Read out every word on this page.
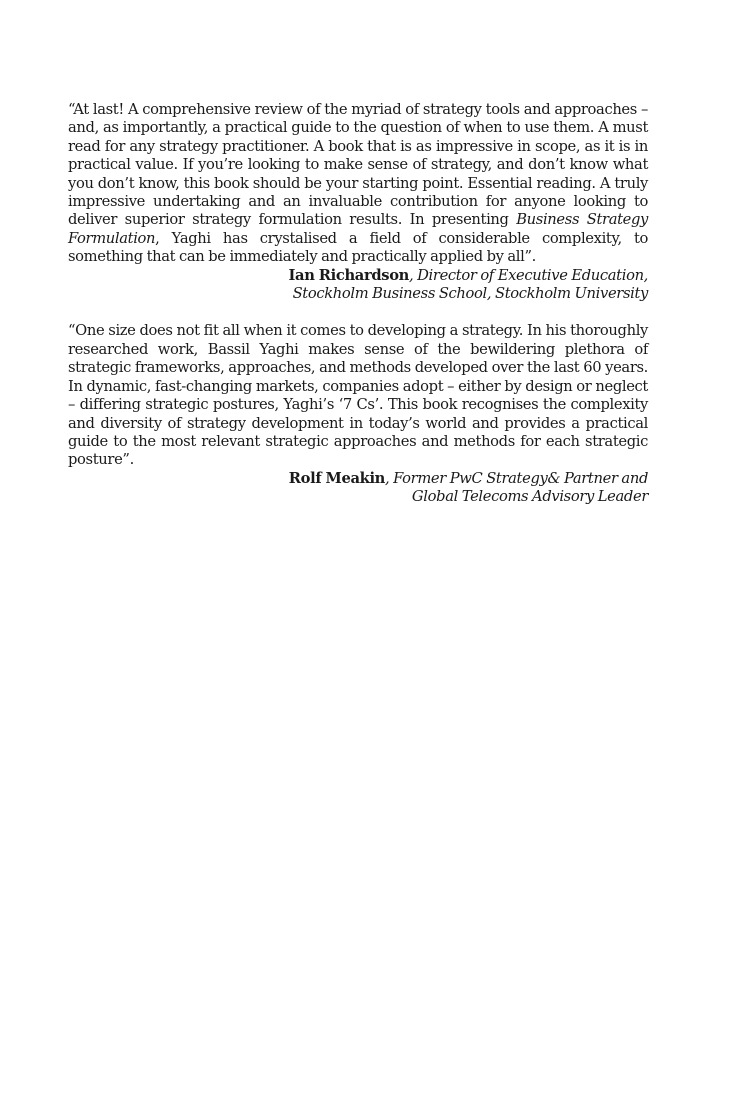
“At last! A comprehensive review of the myriad of strategy tools and approaches – and, as importantly, a practical guide to the question of when to use them. A must read for any strategy practitioner. A book that is as impressive in scope, as it is in practical value. If you’re looking to make sense of strategy, and don’t know what you don’t know, this book should be your starting point. Essential reading. A truly impressive undertaking and an invaluable contribution for anyone looking to deliver superior strategy formulation results. In presenting Business Strategy Formulation, Yaghi has crystalised a field of considerable complexity, to something that can be immediately and practically applied by all”.

Ian Richardson, Director of Executive Education,
Stockholm Business School, Stockholm University

“One size does not fit all when it comes to developing a strategy. In his thoroughly researched work, Bassil Yaghi makes sense of the bewildering plethora of strategic frameworks, approaches, and methods developed over the last 60 years. In dynamic, fast-changing markets, companies adopt – either by design or neglect – differing strategic postures, Yaghi’s ‘7 Cs’. This book recognises the complexity and diversity of strategy development in today’s world and provides a practical guide to the most relevant strategic approaches and methods for each strategic posture”.

Rolf Meakin, Former PwC Strategy& Partner and
Global Telecoms Advisory Leader
